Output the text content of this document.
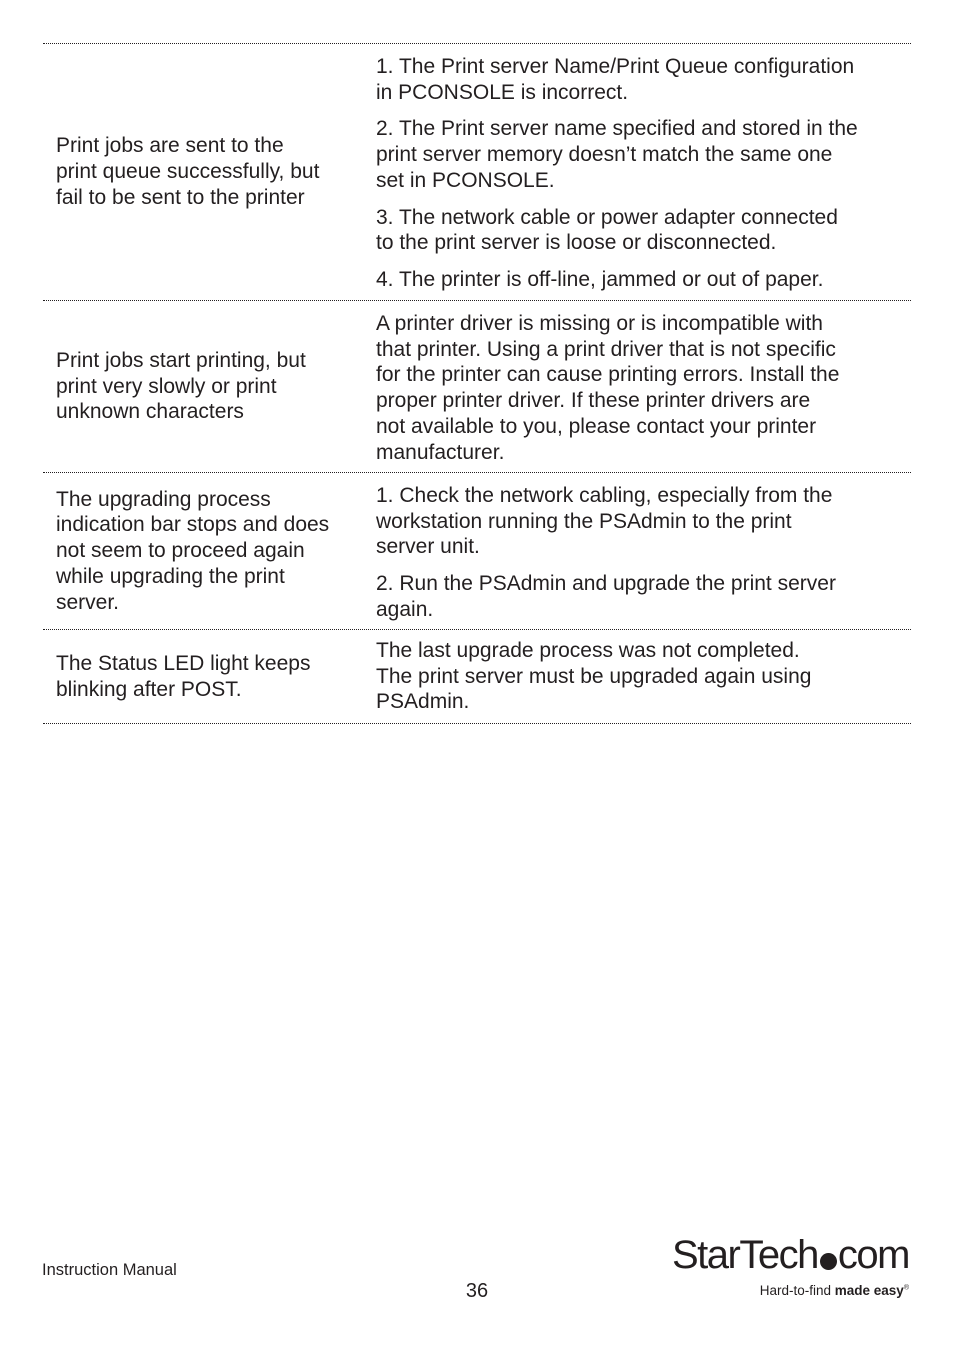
Print jobs are sent to the
print queue successfully, but
fail to be sent to the printer
1. The Print server Name/Print Queue configuration
in PCONSOLE is incorrect.
2. The Print server name specified and stored in the
print server memory doesn’t match the same one
set in PCONSOLE.
3. The network cable or power adapter connected
to the print server is loose or disconnected.
4. The printer is off-line, jammed or out of paper.
Print jobs start printing, but
print very slowly or print
unknown characters
A printer driver is missing or is incompatible with
that printer. Using a print driver that is not specific
for the printer can cause printing errors. Install the
proper printer driver. If these printer drivers are
not available to you, please contact your printer
manufacturer.
The upgrading process
indication bar stops and does
not seem to proceed again
while upgrading the print
server.
1. Check the network cabling, especially from the
workstation running the PSAdmin to the print
server unit.
2. Run the PSAdmin and upgrade the print server
again.
The Status LED light keeps
blinking after POST.
The last upgrade process was not completed.
The print server must be upgraded again using
PSAdmin.
Instruction Manual
36
StarTech com
Hard-to-find made easy®
